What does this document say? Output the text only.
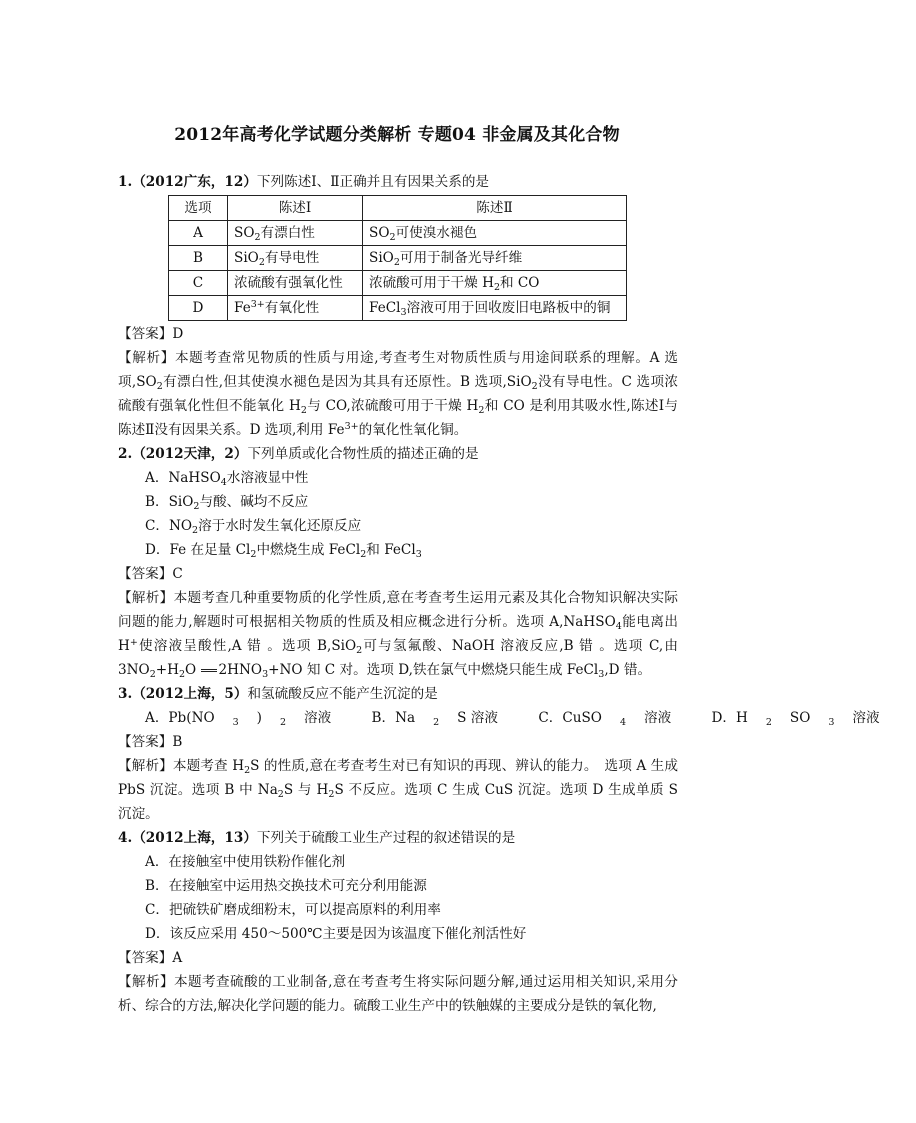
2012年高考化学试题分类解析 专题04 非金属及其化合物
1.（2012广东，12）下列陈述Ⅰ、Ⅱ正确并且有因果关系的是
选项	陈述Ⅰ	陈述Ⅱ
A	$SO_2$有漂白性	$SO_2$可使溴水褪色
B	SiO$_2$有导电性	SiO$_2$可用于制备光导纤维
C	浓硫酸有强氧化性	浓硫酸可用于干燥 $H_2$和 CO
D	$Fe^{3+}$有氧化性	FeCl$_3$溶液可用于回收废旧电路板中的铜
【答案】D
【解析】本题考查常见物质的性质与用途,考查考生对物质性质与用途间联系的理解。A 选项$,SO_2$有漂白性,但其使溴水褪色是因为其具有还原性。B 选项,SiO$_2$没有导电性。C 选项浓硫酸有强氧化性但不能氧化 $H_2$与 CO,浓硫酸可用于干燥 $H_2$和 CO 是利用其吸水性,陈述Ⅰ与陈述Ⅱ没有因果关系。D 选项,利用 $Fe^{3+}$的氧化性氧化铜。
2.（2012天津，2）下列单质或化合物性质的描述正确的是
A．NaHSO$_4$水溶液显中性
B．SiO$_2$与酸、碱均不反应
C．$NO_2$溶于水时发生氧化还原反应
D．Fe 在足量 $Cl_2$中燃烧生成 FeCl$_2$和 FeCl$_3$
【答案】C
【解析】本题考查几种重要物质的化学性质,意在考查考生运用元素及其化合物知识解决实际问题的能力,解题时可根据相关物质的性质及相应概念进行分析。选项 A,NaHSO$_4$能电离出 H+使溶液呈酸性,A 错 。选项 B,SiO$_2$可与氢氟酸、NaOH 溶液反应,B 错 。选项 C,由 $3NO_2+H_2O$ $2HNO_3+NO$ 知 C 对。选项 D,铁在氯气中燃烧只能生成 FeCl$_3$,D 错。
3.（2012上海，5）和氢硫酸反应不能产生沉淀的是
A．Pb(NO $_3$ ) $_2$ 溶液	B．Na $_2$ S 溶液	C．CuSO $_4$ 溶液	D．H $_2$ SO $_3$ 溶液
【答案】B
【解析】本题考查 $H_2S$ 的性质,意在考查考生对已有知识的再现、辨认的能力。　选项 A 生成 PbS 沉淀。选项 B 中 $Na_2S$ 与 $H_2S$ 不反应。选项 C 生成 CuS 沉淀。选项 D 生成单质 S 沉淀。
4.（2012上海，13）下列关于硫酸工业生产过程的叙述错误的是
A．在接触室中使用铁粉作催化剂
B．在接触室中运用热交换技术可充分利用能源
C．把硫铁矿磨成细粉末，可以提高原料的利用率
D．该反应采用 450～500℃主要是因为该温度下催化剂活性好
【答案】A
【解析】本题考查硫酸的工业制备,意在考查考生将实际问题分解,通过运用相关知识,采用分析、综合的方法,解决化学问题的能力。硫酸工业生产中的铁触媒的主要成分是铁的氧化物,
